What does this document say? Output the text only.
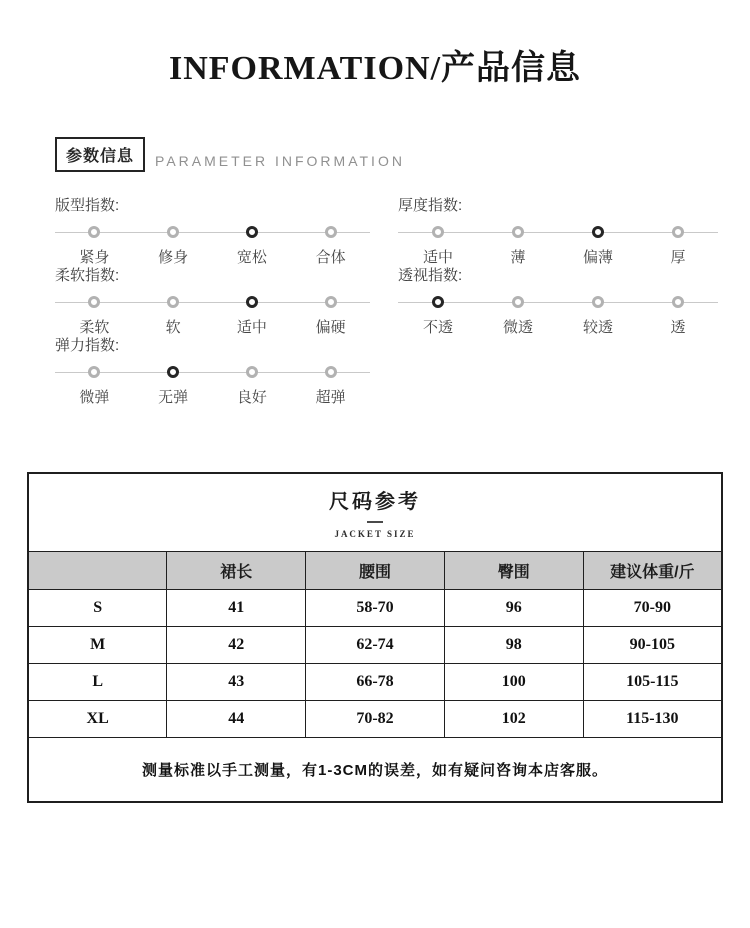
INFORMATION/产品信息
参数信息	PARAMETER INFORMATION
版型指数:
紧身	修身	宽松	合体
厚度指数:
适中	薄	偏薄	厚
柔软指数:
柔软	软	适中	偏硬
透视指数:
不透	微透	较透	透
弹力指数:
微弹	无弹	良好	超弹
尺码参考
JACKET SIZE				

	裙长	腰围	臀围	建议体重/斤
S	41	58-70	96	70-90
M	42	62-74	98	90-105
L	43	66-78	100	105-115
XL	44	70-82	102	115-130
测量标准以手工测量，有1-3CM的误差，如有疑问咨询本店客服。				
